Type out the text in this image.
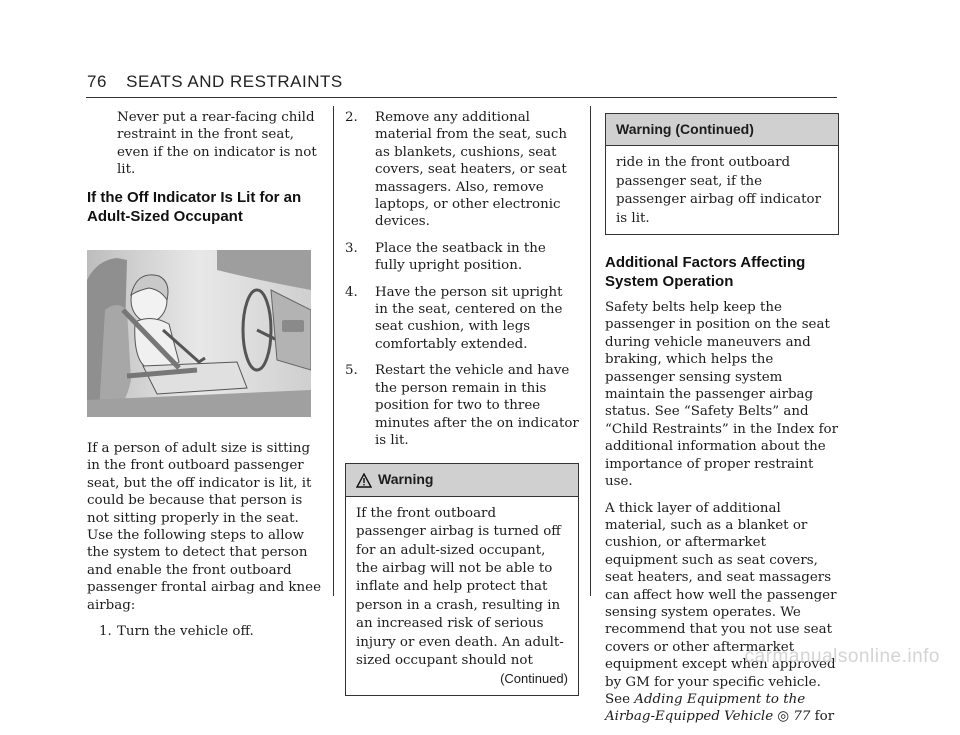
76 SEATS AND RESTRAINTS

Never put a rear-facing child restraint in the front seat, even if the on indicator is not lit.

If the Off Indicator Is Lit for an Adult-Sized Occupant

If a person of adult size is sitting in the front outboard passenger seat, but the off indicator is lit, it could be because that person is not sitting properly in the seat. Use the following steps to allow the system to detect that person and enable the front outboard passenger frontal airbag and knee airbag:

1. Turn the vehicle off.
2.	Remove any additional material from the seat, such as blankets, cushions, seat covers, seat heaters, or seat massagers. Also, remove laptops, or other electronic devices.
3.	Place the seatback in the fully upright position.
4.	Have the person sit upright in the seat, centered on the seat cushion, with legs comfortably extended.
5.	Restart the vehicle and have the person remain in this position for two to three minutes after the on indicator is lit.
Warning
If the front outboard passenger airbag is turned off for an adult-sized occupant, the airbag will not be able to inflate and help protect that person in a crash, resulting in an increased risk of serious injury or even death. An adult-sized occupant should not
(Continued)
Warning (Continued)
ride in the front outboard passenger seat, if the passenger airbag off indicator is lit.
Additional Factors Affecting System Operation

Safety belts help keep the passenger in position on the seat during vehicle maneuvers and braking, which helps the passenger sensing system maintain the passenger airbag status. See “Safety Belts” and “Child Restraints” in the Index for additional information about the importance of proper restraint use.

A thick layer of additional material, such as a blanket or cushion, or aftermarket equipment such as seat covers, seat heaters, and seat massagers can affect how well the passenger sensing system operates. We recommend that you not use seat covers or other aftermarket equipment except when approved by GM for your specific vehicle. See Adding Equipment to the Airbag-Equipped Vehicle ◎ 77 for

carmanualsonline.info
